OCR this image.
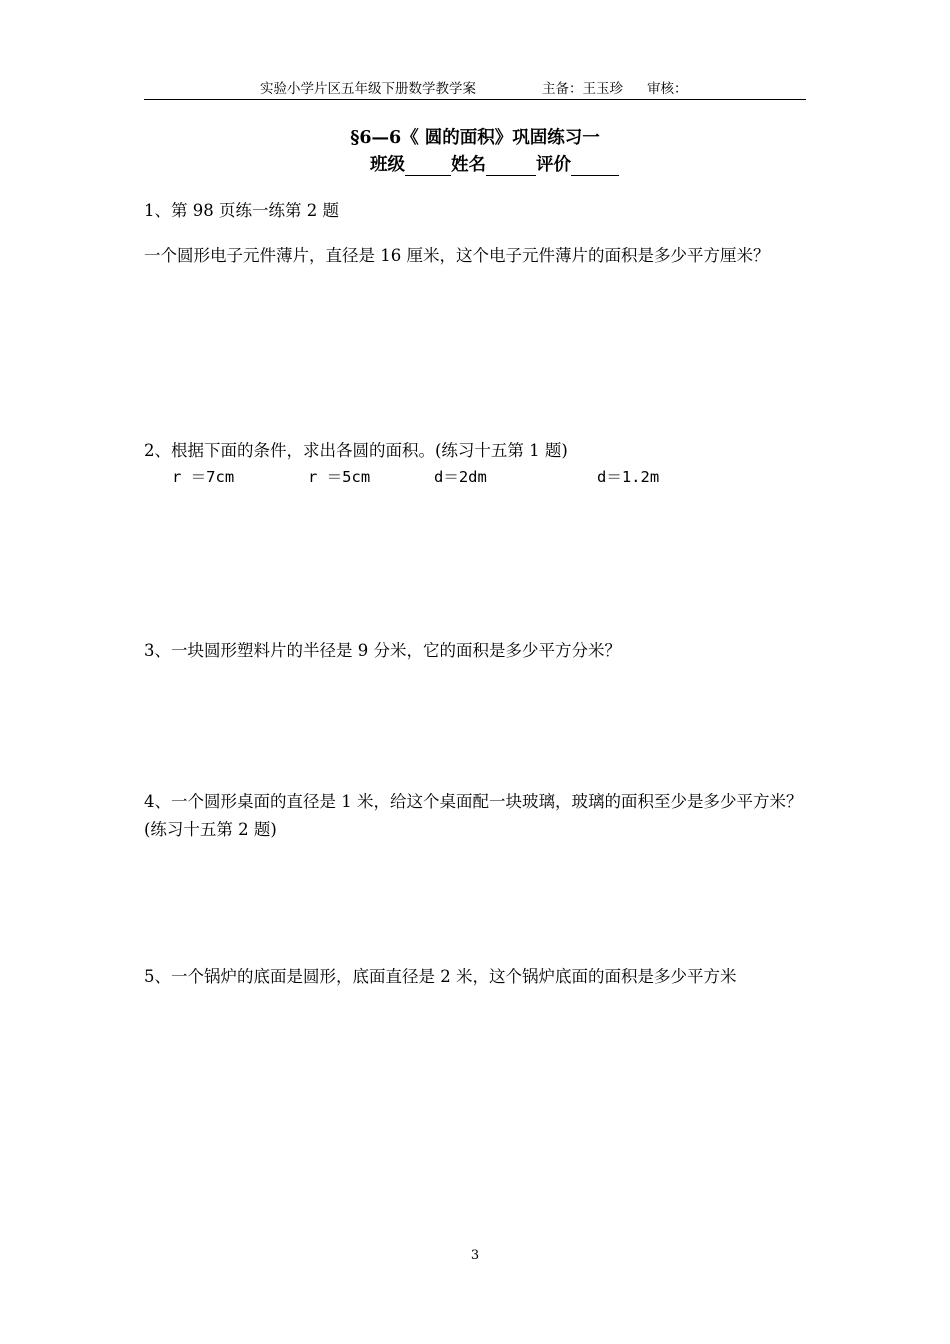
实验小学片区五年级下册数学教学案	主备：王玉珍 审核：
§6—6《 圆的面积》巩固练习一
班级	姓名	评价
1、第 98 页练一练第 2 题
一个圆形电子元件薄片，直径是 16 厘米，这个电子元件薄片的面积是多少平方厘米？
2、根据下面的条件，求出各圆的面积。(练习十五第 1 题)
r ＝7cm	r ＝5cm	d＝2dm	d＝1.2m
3、一块圆形塑料片的半径是 9 分米，它的面积是多少平方分米？
4、一个圆形桌面的直径是 1 米，给这个桌面配一块玻璃，玻璃的面积至少是多少平方米？(练习十五第 2 题)
5、一个锅炉的底面是圆形，底面直径是 2 米，这个锅炉底面的面积是多少平方米
3
